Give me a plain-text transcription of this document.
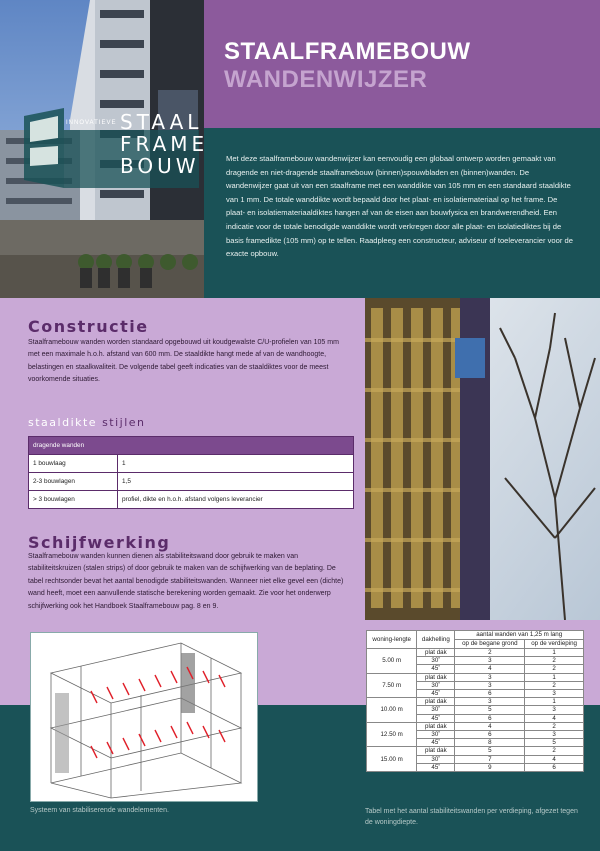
STAALFRAMEBOUW
WANDENWIJZER
Met deze staalframebouw wandenwijzer kan eenvoudig een globaal ontwerp worden gemaakt van dragende en niet-dragende staalframebouw (binnen)spouwbladen en (binnen)wanden. De wandenwijzer gaat uit van een staalframe met een wanddikte van 105 mm en een standaard staaldikte van 1 mm. De totale wanddikte wordt bepaald door het plaat- en isolatiemateriaal op het frame. De plaat- en isolatiemateriaaldiktes hangen af van de eisen aan bouwfysica en brandwerendheid. Een indicatie voor de totale benodigde wanddikte wordt verkregen door alle plaat- en isolatiediktes bij de basis framedikte (105 mm) op te tellen. Raadpleeg een constructeur, adviseur of toeleverancier voor de exacte opbouw.
INNOVATIEVE STAAL
FRAME
BOUW
Constructie
Staalframebouw wanden worden standaard opgebouwd uit koudgewalste C/U-profielen van 105 mm met een maximale h.o.h. afstand van 600 mm. De staaldikte hangt mede af van de wandhoogte, belastingen en staalkwaliteit. De volgende tabel geeft indicaties van de staaldiktes voor de meest voorkomende situaties.
staaldikte stijlen
dragende wanden	
1 bouwlaag	1
2-3 bouwlagen	1,5
> 3 bouwlagen	profiel, dikte en h.o.h. afstand volgens leverancier
Schijfwerking
Staalframebouw wanden kunnen dienen als stabiliteitswand door gebruik te maken van stabiliteitskruizen (stalen strips) of door gebruik te maken van de schijfwerking van de beplating. De tabel rechtsonder bevat het aantal benodigde stabiliteitswanden. Wanneer niet elke gevel een (dichte) wand heeft, moet een aanvullende statische berekening worden gemaakt. Zie voor het onderwerp schijfwerking ook het Handboek Staalframebouw pag. 8 en 9.
woning-lengte	dakhelling	aantal wanden van 1,25 m lang	
		op de begane grond	op de verdieping
5.00 m	plat dak	2	1
	30˚	3	2
	45˚	4	2
7.50 m	plat dak	3	1
	30˚	3	2
	45˚	6	3
10.00 m	plat dak	3	1
	30˚	5	3
	45˚	6	4
12.50 m	plat dak	4	2
	30˚	6	3
	45˚	8	5
15.00 m	plat dak	5	2
	30˚	7	4
	45˚	9	6
Systeem van stabiliserende wandelementen.	Tabel met het aantal stabiliteitswanden per verdieping, afgezet tegen de woningdiepte.
